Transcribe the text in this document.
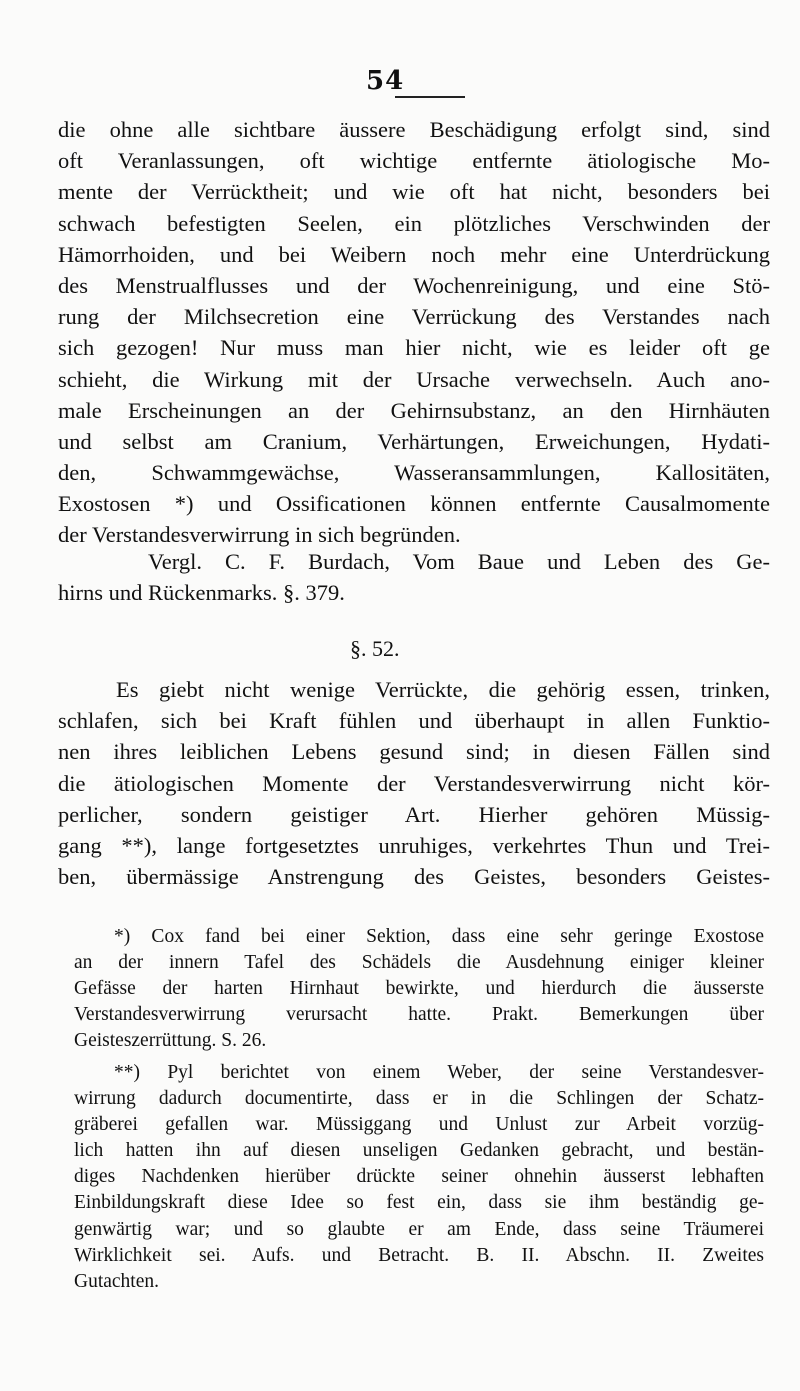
54
die ohne alle sichtbare äussere Beschädigung erfolgt sind, sind
oft Veranlassungen, oft wichtige entfernte ätiologische Mo-
mente der Verrücktheit; und wie oft hat nicht, besonders bei
schwach befestigten Seelen, ein plötzliches Verschwinden der
Hämorrhoiden, und bei Weibern noch mehr eine Unterdrückung
des Menstrualflusses und der Wochenreinigung, und eine Stö-
rung der Milchsecretion eine Verrückung des Verstandes nach
sich gezogen! Nur muss man hier nicht, wie es leider oft ge
schieht, die Wirkung mit der Ursache verwechseln. Auch ano-
male Erscheinungen an der Gehirnsubstanz, an den Hirnhäuten
und selbst am Cranium, Verhärtungen, Erweichungen, Hydati-
den, Schwammgewächse, Wasseransammlungen, Kallositäten,
Exostosen *) und Ossificationen können entfernte Causalmomente
der Verstandesverwirrung in sich begründen.
Vergl. C. F. Burdach, Vom Baue und Leben des Ge-
hirns und Rückenmarks. §. 379.
§. 52.
Es giebt nicht wenige Verrückte, die gehörig essen, trinken,
schlafen, sich bei Kraft fühlen und überhaupt in allen Funktio-
nen ihres leiblichen Lebens gesund sind; in diesen Fällen sind
die ätiologischen Momente der Verstandesverwirrung nicht kör-
perlicher, sondern geistiger Art. Hierher gehören Müssig-
gang **), lange fortgesetztes unruhiges, verkehrtes Thun und Trei-
ben, übermässige Anstrengung des Geistes, besonders Geistes-
*) Cox fand bei einer Sektion, dass eine sehr geringe Exostose
an der innern Tafel des Schädels die Ausdehnung einiger kleiner
Gefässe der harten Hirnhaut bewirkte, und hierdurch die äusserste
Verstandesverwirrung verursacht hatte. Prakt. Bemerkungen über
Geisteszerrüttung. S. 26.
**) Pyl berichtet von einem Weber, der seine Verstandesver-
wirrung dadurch documentirte, dass er in die Schlingen der Schatz-
gräberei gefallen war. Müssiggang und Unlust zur Arbeit vorzüg-
lich hatten ihn auf diesen unseligen Gedanken gebracht, und bestän-
diges Nachdenken hierüber drückte seiner ohnehin äusserst lebhaften
Einbildungskraft diese Idee so fest ein, dass sie ihm beständig ge-
genwärtig war; und so glaubte er am Ende, dass seine Träumerei
Wirklichkeit sei. Aufs. und Betracht. B. II. Abschn. II. Zweites
Gutachten.
